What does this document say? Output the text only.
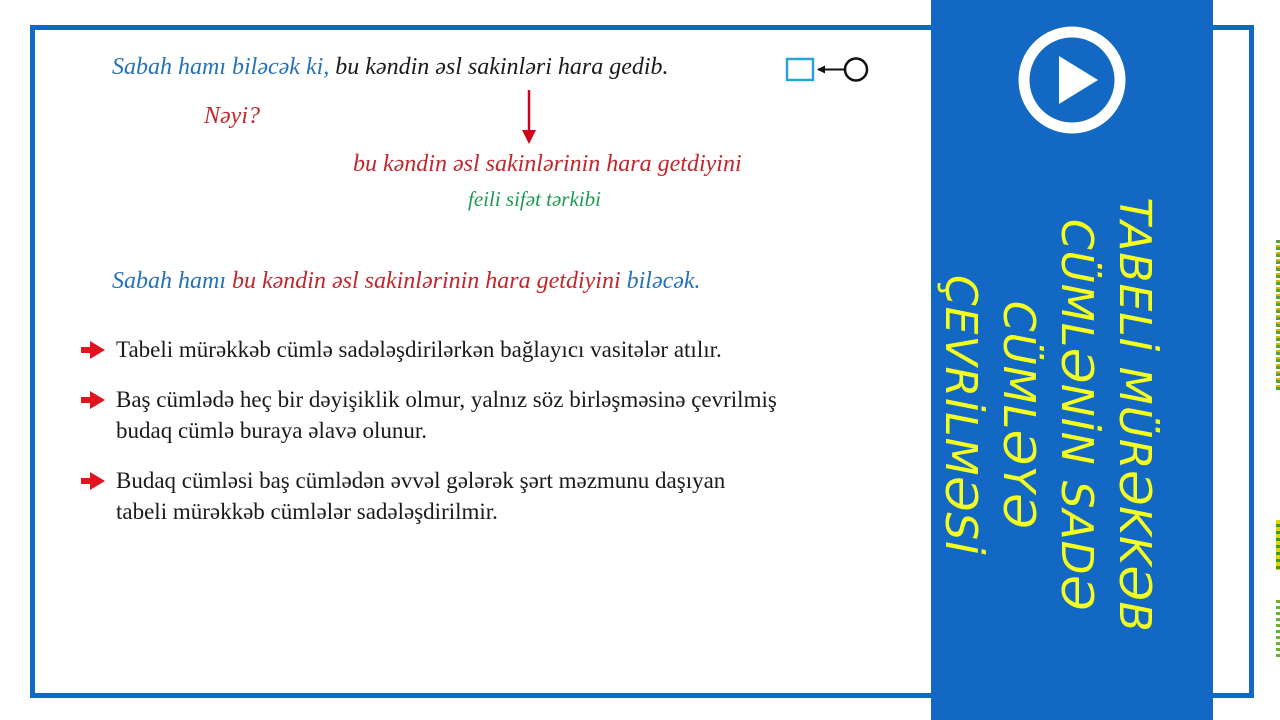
Sabah hamı biləcək ki, bu kəndin əsl sakinləri hara gedib.
Nəyi?
bu kəndin əsl sakinlərinin hara getdiyini
feili sifət tərkibi
Sabah hamı bu kəndin əsl sakinlərinin hara getdiyini biləcək.
Tabeli mürəkkəb cümlə sadələşdirilərkən bağlayıcı vasitələr atılır.
Baş cümlədə heç bir dəyişiklik olmur, yalnız söz birləşməsinə çevrilmiş
budaq cümlə buraya əlavə olunur.
Budaq cümləsi baş cümlədən əvvəl gələrək şərt məzmunu daşıyan
tabeli mürəkkəb cümlələr sadələşdirilmir.	TABELİ MÜRƏKKƏB
CÜMLƏNİN SADƏ
CÜMLƏYƏ ÇEVRİLMƏSİ
